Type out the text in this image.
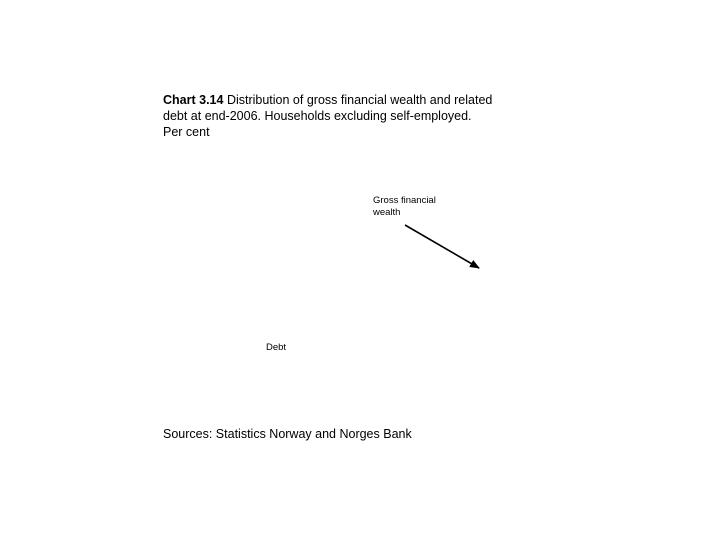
Chart 3.14 Distribution of gross financial wealth and related debt at end-2006. Households excluding self-employed.
Per cent
Gross financial wealth
Debt
Sources: Statistics Norway and Norges Bank
